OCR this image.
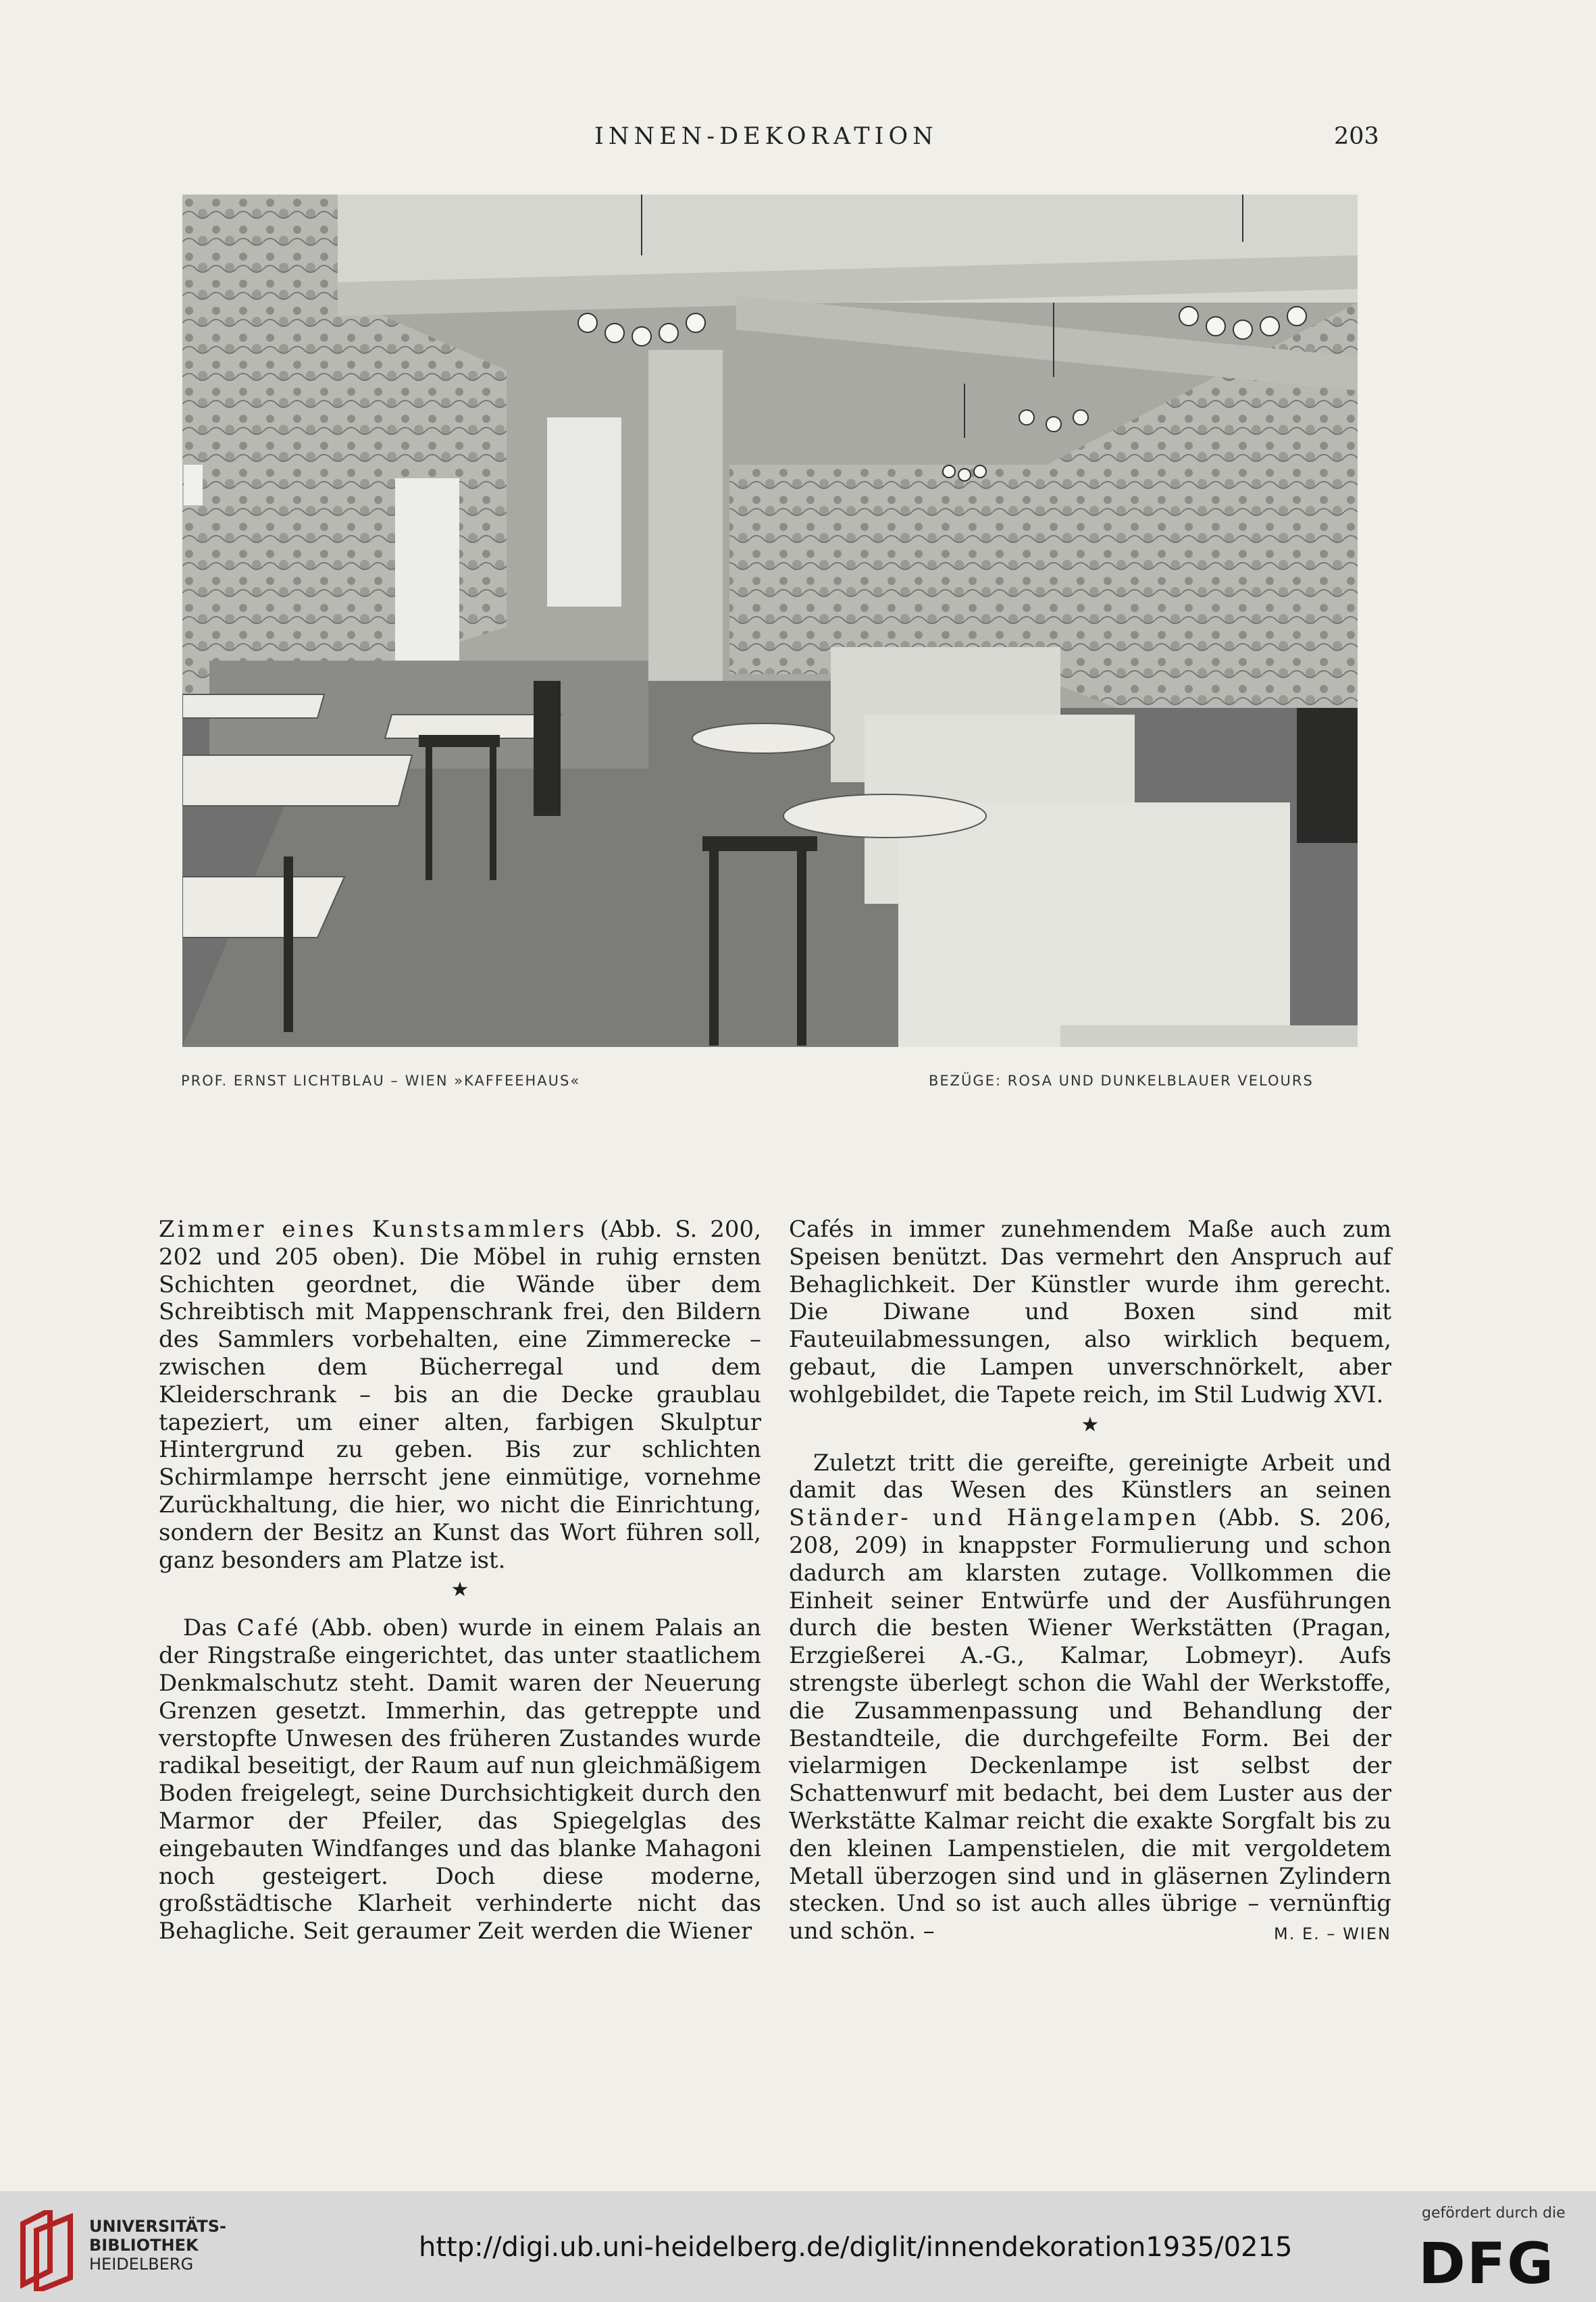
INNEN-DEKORATION	203
PROF. ERNST LICHTBLAU – WIEN »KAFFEEHAUS«	BEZÜGE: ROSA UND DUNKELBLAUER VELOURS

Zimmer eines Kunstsammlers (Abb. S. 200, 202 und 205 oben). Die Möbel in ruhig ernsten Schichten geordnet, die Wände über dem Schreibtisch mit Mappenschrank frei, den Bildern des Sammlers vorbehalten, eine Zimmerecke – zwischen dem Bücherregal und dem Kleiderschrank – bis an die Decke graublau tapeziert, um einer alten, farbigen Skulptur Hintergrund zu geben. Bis zur schlichten Schirmlampe herrscht jene einmütige, vornehme Zurückhaltung, die hier, wo nicht die Einrichtung, sondern der Besitz an Kunst das Wort führen soll, ganz besonders am Platze ist.

★

Das Café (Abb. oben) wurde in einem Palais an der Ringstraße eingerichtet, das unter staatlichem Denkmalschutz steht. Damit waren der Neuerung Grenzen gesetzt. Immerhin, das getreppte und verstopfte Unwesen des früheren Zustandes wurde radikal beseitigt, der Raum auf nun gleichmäßigem Boden freigelegt, seine Durchsichtigkeit durch den Marmor der Pfeiler, das Spiegelglas des eingebauten Windfanges und das blanke Mahagoni noch gesteigert. Doch diese moderne, großstädtische Klarheit verhinderte nicht das Behagliche. Seit geraumer Zeit werden die Wiener

Cafés in immer zunehmendem Maße auch zum Speisen benützt. Das vermehrt den Anspruch auf Behaglichkeit. Der Künstler wurde ihm gerecht. Die Diwane und Boxen sind mit Fauteuilabmessungen, also wirklich bequem, gebaut, die Lampen unverschnörkelt, aber wohlgebildet, die Tapete reich, im Stil Ludwig XVI.

★

Zuletzt tritt die gereifte, gereinigte Arbeit und damit das Wesen des Künstlers an seinen Ständer- und Hängelampen (Abb. S. 206, 208, 209) in knappster Formulierung und schon dadurch am klarsten zutage. Vollkommen die Einheit seiner Entwürfe und der Ausführungen durch die besten Wiener Werkstätten (Pragan, Erzgießerei A.-G., Kalmar, Lobmeyr). Aufs strengste überlegt schon die Wahl der Werkstoffe, die Zusammenpassung und Behandlung der Bestandteile, die durchgefeilte Form. Bei der vielarmigen Deckenlampe ist selbst der Schattenwurf mit bedacht, bei dem Luster aus der Werkstätte Kalmar reicht die exakte Sorgfalt bis zu den kleinen Lampenstielen, die mit vergoldetem Metall überzogen sind und in gläsernen Zylindern stecken. Und so ist auch alles übrige – vernünftig und schön. –	M. E. – WIEN

UNIVERSITÄTS-
BIBLIOTHEK
HEIDELBERG
http://digi.ub.uni-heidelberg.de/diglit/innendekoration1935/0215
gefördert durch die
DFG
